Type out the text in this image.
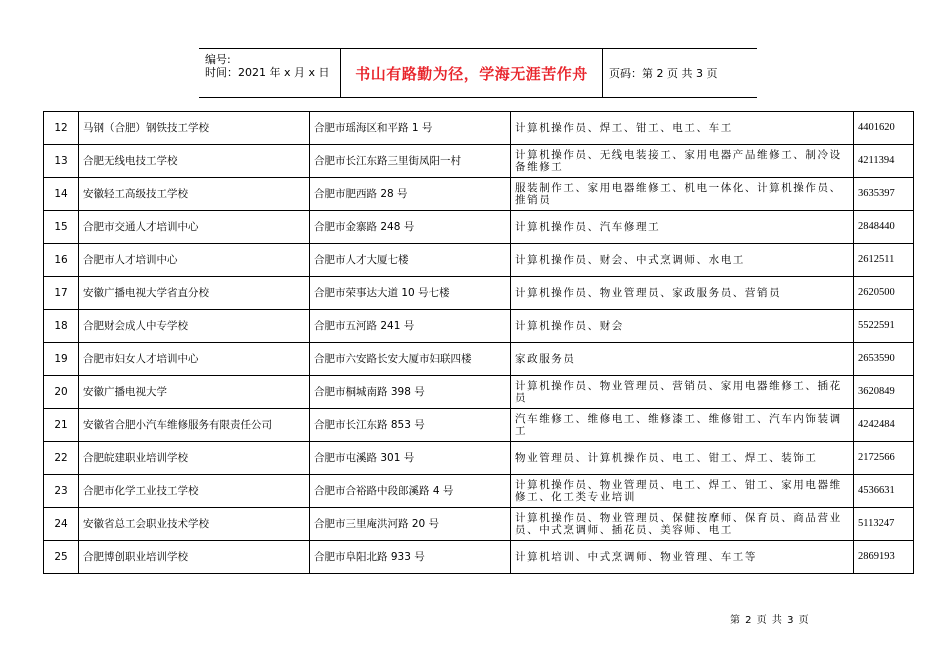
编号:
时间：2021 年 x 月 x 日 书山有路勤为径，学海无涯苦作舟	页码：第 2 页 共 3 页
12	马钢（合肥）钢铁技工学校	合肥市瑶海区和平路 1 号	计算机操作员、焊工、钳工、电工、车工	4401620
13	合肥无线电技工学校	合肥市长江东路三里街凤阳一村	计算机操作员、无线电装接工、家用电器产品维修工、制冷设备维修工	4211394
14	安徽轻工高级技工学校	合肥市肥西路 28 号	服装制作工、家用电器维修工、机电一体化、计算机操作员、推销员	3635397
15	合肥市交通人才培训中心	合肥市金寨路 248 号	计算机操作员、汽车修理工	2848440
16	合肥市人才培训中心	合肥市人才大厦七楼	计算机操作员、财会、中式烹调师、水电工	2612511
17	安徽广播电视大学省直分校	合肥市荣事达大道 10 号七楼	计算机操作员、物业管理员、家政服务员、营销员	2620500
18	合肥财会成人中专学校	合肥市五河路 241 号	计算机操作员、财会	5522591
19	合肥市妇女人才培训中心	合肥市六安路长安大厦市妇联四楼	家政服务员	2653590
20	安徽广播电视大学	合肥市桐城南路 398 号	计算机操作员、物业管理员、营销员、家用电器维修工、插花员	3620849
21	安徽省合肥小汽车维修服务有限责任公司	合肥市长江东路 853 号	汽车维修工、维修电工、维修漆工、维修钳工、汽车内饰装调工	4242484
22	合肥皖建职业培训学校	合肥市屯溪路 301 号	物业管理员、计算机操作员、电工、钳工、焊工、装饰工	2172566
23	合肥市化学工业技工学校	合肥市合裕路中段郎溪路 4 号	计算机操作员、物业管理员、电工、焊工、钳工、家用电器维修工、化工类专业培训	4536631
24	安徽省总工会职业技术学校	合肥市三里庵洪河路 20 号	计算机操作员、物业管理员、保健按摩师、保育员、商品营业员、中式烹调师、插花员、美容师、电工	5113247
25	合肥博创职业培训学校	合肥市阜阳北路 933 号	计算机培训、中式烹调师、物业管理、车工等	2869193
第 2 页 共 3 页
